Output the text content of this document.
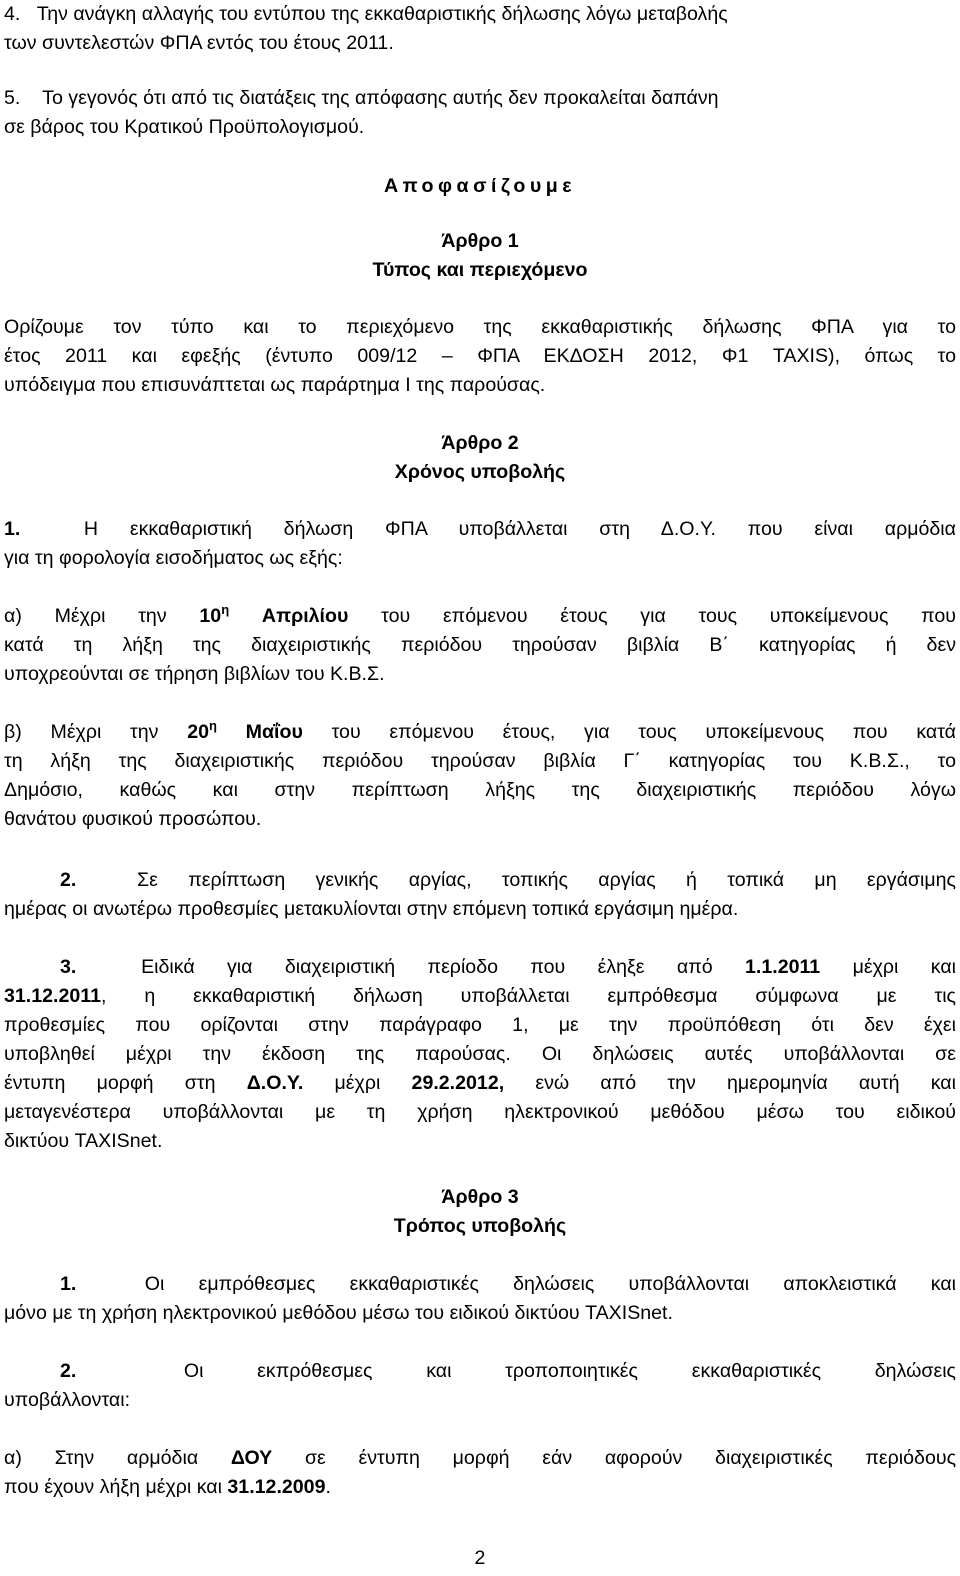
4. Την ανάγκη αλλαγής του εντύπου της εκκαθαριστικής δήλωσης λόγω μεταβολής
των συντελεστών ΦΠΑ εντός του έτους 2011.
5. Το γεγονός ότι από τις διατάξεις της απόφασης αυτής δεν προκαλείται δαπάνη
σε βάρος του Κρατικού Προϋπολογισμού.
Αποφασίζουμε
Άρθρο 1
Τύπος και περιεχόμενο
Ορίζουμε τον τύπο και το περιεχόμενο της εκκαθαριστικής δήλωσης ΦΠΑ για το
έτος 2011 και εφεξής (έντυπο 009/12 – ΦΠΑ ΕΚΔΟΣΗ 2012, Φ1 TAXIS), όπως το
υπόδειγμα που επισυνάπτεται ως παράρτημα Ι της παρούσας.
Άρθρο 2
Χρόνος υποβολής
1.	Η εκκαθαριστική δήλωση ΦΠΑ υποβάλλεται στη Δ.Ο.Υ. που είναι αρμόδια
για τη φορολογία εισοδήματος ως εξής:
α) Μέχρι την $10^\eta$ Απριλίου του επόμενου έτους για τους υποκείμενους που
κατά τη λήξη της διαχειριστικής περιόδου τηρούσαν βιβλία Β΄ κατηγορίας ή δεν
υποχρεούνται σε τήρηση βιβλίων του Κ.Β.Σ.
β) Μέχρι την $20^\eta$ Μαΐου του επόμενου έτους, για τους υποκείμενους που κατά
τη λήξη της διαχειριστικής περιόδου τηρούσαν βιβλία Γ΄ κατηγορίας του Κ.Β.Σ., το
Δημόσιο, καθώς και στην περίπτωση λήξης της διαχειριστικής περιόδου λόγω
θανάτου φυσικού προσώπου.
2.	Σε περίπτωση γενικής αργίας, τοπικής αργίας ή τοπικά μη εργάσιμης
ημέρας οι ανωτέρω προθεσμίες μετακυλίονται στην επόμενη τοπικά εργάσιμη ημέρα.
3.	Ειδικά για διαχειριστική περίοδο που έληξε από 1.1.2011 μέχρι και
31.12.2011, η εκκαθαριστική δήλωση υποβάλλεται εμπρόθεσμα σύμφωνα με τις
προθεσμίες που ορίζονται στην παράγραφο 1, με την προϋπόθεση ότι δεν έχει
υποβληθεί μέχρι την έκδοση της παρούσας. Οι δηλώσεις αυτές υποβάλλονται σε
έντυπη μορφή στη Δ.Ο.Υ. μέχρι 29.2.2012, ενώ από την ημερομηνία αυτή και
μεταγενέστερα υποβάλλονται με τη χρήση ηλεκτρονικού μεθόδου μέσω του ειδικού
δικτύου TAXISnet.
Άρθρο 3
Τρόπος υποβολής
1.	Οι εμπρόθεσμες εκκαθαριστικές δηλώσεις υποβάλλονται αποκλειστικά και
μόνο με τη χρήση ηλεκτρονικού μεθόδου μέσω του ειδικού δικτύου TAXISnet.
2.	Οι εκπρόθεσμες και τροποποιητικές εκκαθαριστικές δηλώσεις
υποβάλλονται:
α) Στην αρμόδια ΔΟΥ σε έντυπη μορφή εάν αφορούν διαχειριστικές περιόδους
που έχουν λήξη μέχρι και 31.12.2009.
2
